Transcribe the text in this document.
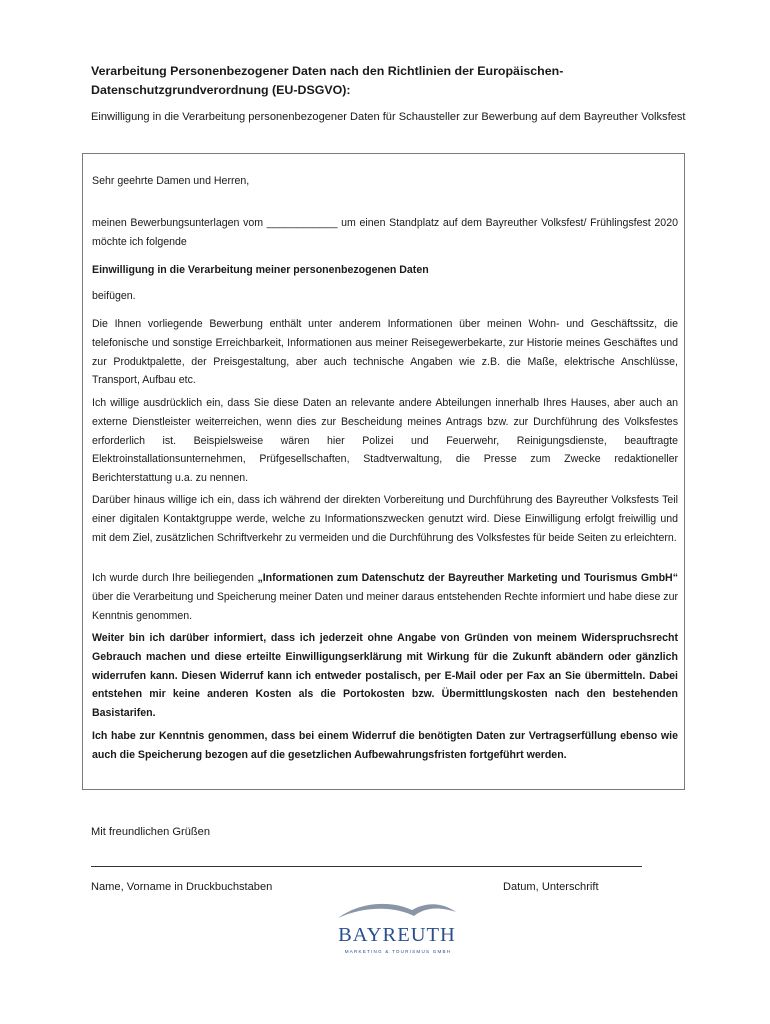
Verarbeitung Personenbezogener Daten nach den Richtlinien der Europäischen- Datenschutzgrundverordnung (EU-DSGVO):
Einwilligung in die Verarbeitung personenbezogener Daten für Schausteller zur Bewerbung auf dem Bayreuther Volksfest

Sehr geehrte Damen und Herren,

meinen Bewerbungsunterlagen vom ____________ um einen Standplatz auf dem Bayreuther Volksfest/ Frühlingsfest 2020 möchte ich folgende

Einwilligung in die Verarbeitung meiner personenbezogenen Daten

beifügen.

Die Ihnen vorliegende Bewerbung enthält unter anderem Informationen über meinen Wohn- und Geschäftssitz, die telefonische und sonstige Erreichbarkeit, Informationen aus meiner Reisegewerbekarte, zur Historie meines Geschäftes und zur Produktpalette, der Preisgestaltung, aber auch technische Angaben wie z.B. die Maße, elektrische Anschlüsse, Transport, Aufbau etc.

Ich willige ausdrücklich ein, dass Sie diese Daten an relevante andere Abteilungen innerhalb Ihres Hauses, aber auch an externe Dienstleister weiterreichen, wenn dies zur Bescheidung meines Antrags bzw. zur Durchführung des Volksfestes erforderlich ist. Beispielsweise wären hier Polizei und Feuerwehr, Reinigungsdienste, beauftragte Elektroinstallationsunternehmen, Prüfgesellschaften, Stadtverwaltung, die Presse zum Zwecke redaktioneller Berichterstattung u.a. zu nennen.

Darüber hinaus willige ich ein, dass ich während der direkten Vorbereitung und Durchführung des Bayreuther Volksfests Teil einer digitalen Kontaktgruppe werde, welche zu Informationszwecken genutzt wird. Diese Einwilligung erfolgt freiwillig und mit dem Ziel, zusätzlichen Schriftverkehr zu vermeiden und die Durchführung des Volksfestes für beide Seiten zu erleichtern.

Ich wurde durch Ihre beiliegenden „Informationen zum Datenschutz der Bayreuther Marketing und Tourismus GmbH“ über die Verarbeitung und Speicherung meiner Daten und meiner daraus entstehenden Rechte informiert und habe diese zur Kenntnis genommen.

Weiter bin ich darüber informiert, dass ich jederzeit ohne Angabe von Gründen von meinem Widerspruchsrecht Gebrauch machen und diese erteilte Einwilligungserklärung mit Wirkung für die Zukunft abändern oder gänzlich widerrufen kann. Diesen Widerruf kann ich entweder postalisch, per E-Mail oder per Fax an Sie übermitteln. Dabei entstehen mir keine anderen Kosten als die Portokosten bzw. Übermittlungskosten nach den bestehenden Basistarifen.

Ich habe zur Kenntnis genommen, dass bei einem Widerruf die benötigten Daten zur Vertragserfüllung ebenso wie auch die Speicherung bezogen auf die gesetzlichen Aufbewahrungsfristen fortgeführt werden.

Mit freundlichen Grüßen
Name, Vorname in Druckbuchstaben	Datum, Unterschrift
BAYREUTH
MARKETING & TOURISMUS GMBH
